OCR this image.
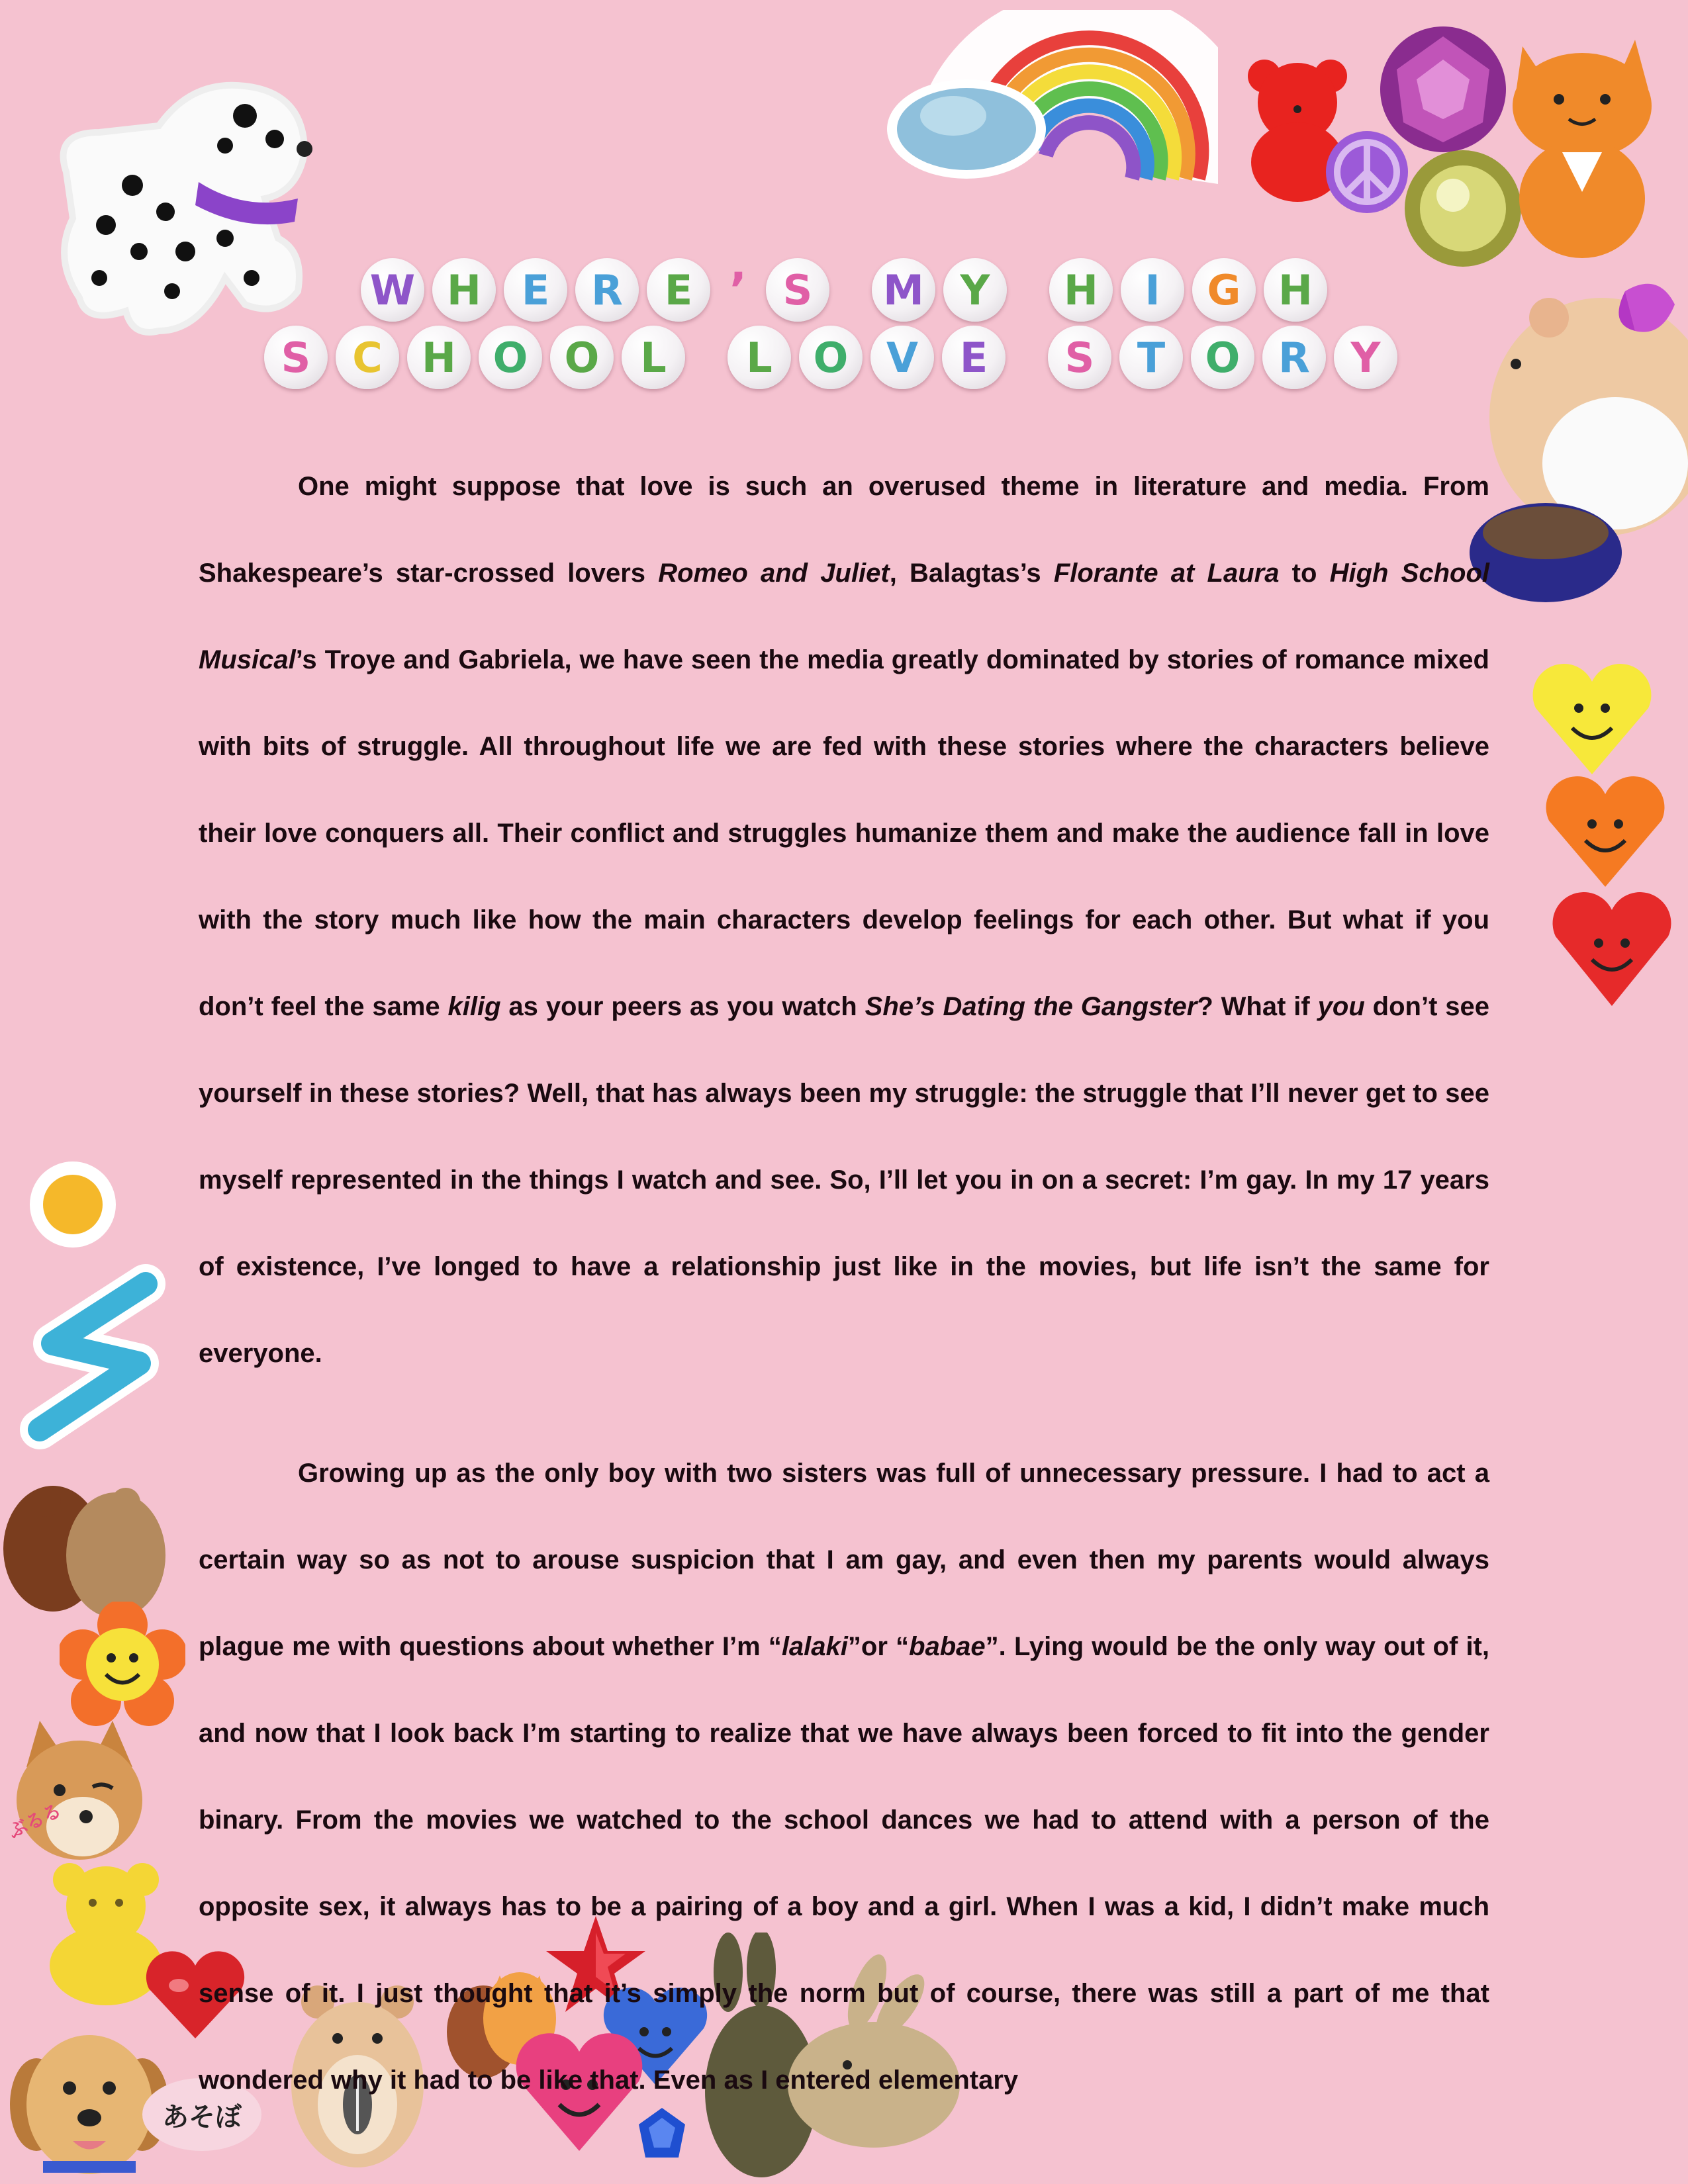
ぶるる
あそぼ
W H E	R	E ’ S	M Y	H	I	G H
S	C H O O L	L O V	E	S	T O R Y

One might suppose that love is such an overused theme in literature and media. From Shakespeare’s star-crossed lovers Romeo and Juliet, Balagtas’s Florante at Laura to High School Musical’s Troye and Gabriela, we have seen the media greatly dominated by stories of romance mixed with bits of struggle. All throughout life we are fed with these stories where the characters believe their love conquers all. Their conflict and struggles humanize them and make the audience fall in love with the story much like how the main characters develop feelings for each other. But what if you don’t feel the same kilig as your peers as you watch She’s Dating the Gangster? What if you don’t see yourself in these stories? Well, that has always been my struggle: the struggle that I’ll never get to see myself represented in the things I watch and see. So, I’ll let you in on a secret: I’m gay. In my 17 years of existence, I’ve longed to have a relationship just like in the movies, but life isn’t the same for everyone.

Growing up as the only boy with two sisters was full of unnecessary pressure. I had to act a certain way so as not to arouse suspicion that I am gay, and even then my parents would always plague me with questions about whether I’m “lalaki”or “babae”. Lying would be the only way out of it, and now that I look back I’m starting to realize that we have always been forced to fit into the gender binary. From the movies we watched to the school dances we had to attend with a person of the opposite sex, it always has to be a pairing of a boy and a girl. When I was a kid, I didn’t make much sense of it. I just thought that it’s simply the norm but of course, there was still a part of me that wondered why it had to be like that. Even as I entered elementary
